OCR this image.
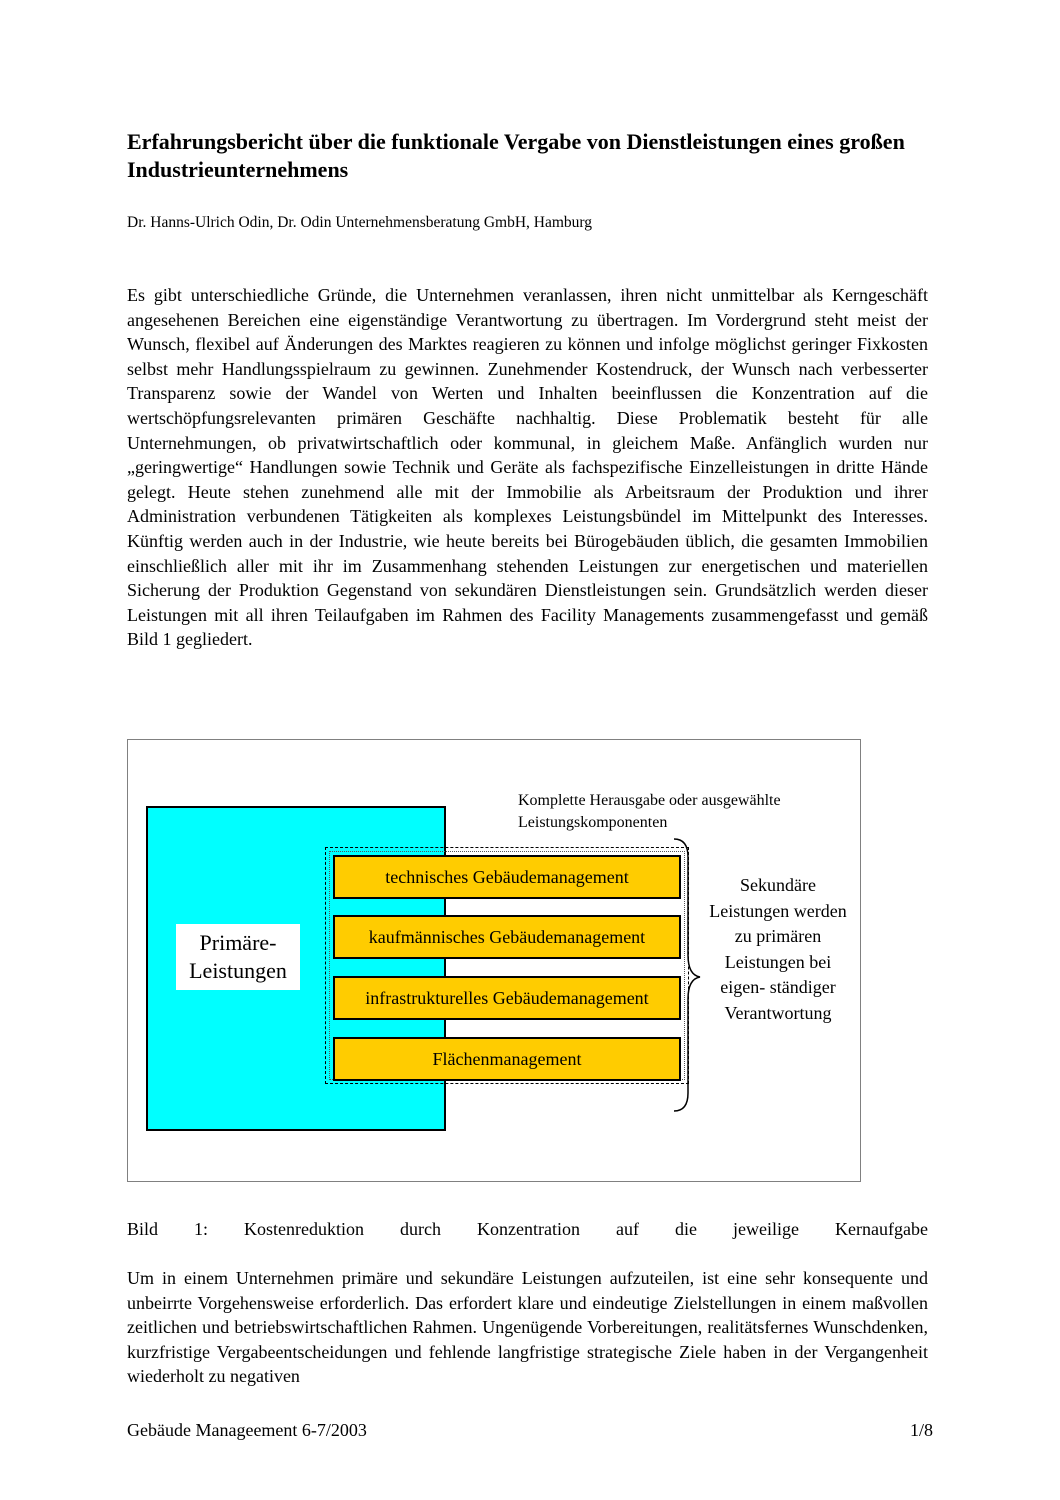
Erfahrungsbericht über die funktionale Vergabe von Dienstleistungen eines großen Industrieunternehmens
Dr. Hanns-Ulrich Odin, Dr. Odin Unternehmensberatung GmbH, Hamburg

Es gibt unterschiedliche Gründe, die Unternehmen veranlassen, ihren nicht unmittelbar als Kerngeschäft angesehenen Bereichen eine eigenständige Verantwortung zu übertragen. Im Vordergrund steht meist der Wunsch, flexibel auf Änderungen des Marktes reagieren zu können und infolge möglichst geringer Fixkosten selbst mehr Handlungsspielraum zu gewinnen. Zunehmender Kostendruck, der Wunsch nach verbesserter Transparenz sowie der Wandel von Werten und Inhalten beeinflussen die Konzentration auf die wertschöpfungsrelevanten primären Geschäfte nachhaltig. Diese Problematik besteht für alle Unternehmungen, ob privatwirtschaftlich oder kommunal, in gleichem Maße. Anfänglich wurden nur „geringwertige“ Handlungen sowie Technik und Geräte als fachspezifische Einzelleistungen in dritte Hände gelegt. Heute stehen zunehmend alle mit der Immobilie als Arbeitsraum der Produktion und ihrer Administration verbundenen Tätigkeiten als komplexes Leistungsbündel im Mittelpunkt des Interesses. Künftig werden auch in der Industrie, wie heute bereits bei Bürogebäuden üblich, die gesamten Immobilien einschließlich aller mit ihr im Zusammenhang stehenden Leistungen zur energetischen und materiellen Sicherung der Produktion Gegenstand von sekundären Dienstleistungen sein. Grundsätzlich werden dieser Leistungen mit all ihren Teilaufgaben im Rahmen des Facility Managements zusammengefasst und gemäß Bild 1 gegliedert.

Primäre-
Leistungen
Komplette Herausgabe oder ausgewählte Leistungskomponenten
technisches Gebäudemanagement
kaufmännisches Gebäudemanagement
infrastrukturelles Gebäudemanagement
Flächenmanagement
Sekundäre Leistungen werden zu primären Leistungen bei eigen- ständiger Verantwortung
Bild 1: Kostenreduktion durch Konzentration auf die jeweilige Kernaufgabe

Um in einem Unternehmen primäre und sekundäre Leistungen aufzuteilen, ist eine sehr konsequente und unbeirrte Vorgehensweise erforderlich. Das erfordert klare und eindeutige Zielstellungen in einem maßvollen zeitlichen und betriebswirtschaftlichen Rahmen. Ungenügende Vorbereitungen, realitätsfernes Wunschdenken, kurzfristige Vergabeentscheidungen und fehlende langfristige strategische Ziele haben in der Vergangenheit wiederholt zu negativen

Gebäude Manageement 6-7/2003	1/8
